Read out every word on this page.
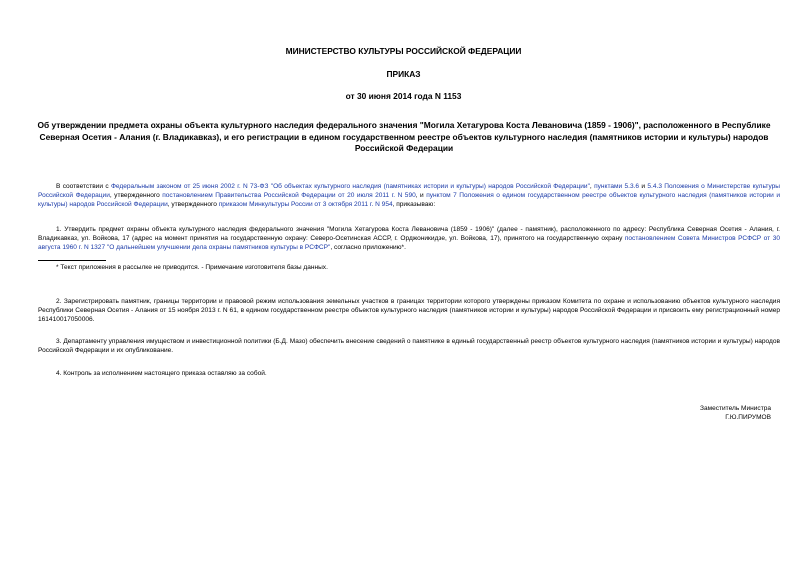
МИНИСТЕРСТВО КУЛЬТУРЫ РОССИЙСКОЙ ФЕДЕРАЦИИ
ПРИКАЗ
от 30 июня 2014 года N 1153
Об утверждении предмета охраны объекта культурного наследия федерального значения "Могила Хетагурова Коста Левановича (1859 - 1906)", расположенного в Республике Северная Осетия - Алания (г. Владикавказ), и его регистрации в едином государственном реестре объектов культурного наследия (памятников истории и культуры) народов Российской Федерации
В соответствии с Федеральным законом от 25 июня 2002 г. N 73-ФЗ "Об объектах культурного наследия (памятниках истории и культуры) народов Российской Федерации", пунктами 5.3.6 и 5.4.3 Положения о Министерстве культуры Российской Федерации, утвержденного постановлением Правительства Российской Федерации от 20 июля 2011 г. N 590, и пунктом 7 Положения о едином государственном реестре объектов культурного наследия (памятников истории и культуры) народов Российской Федерации, утвержденного приказом Минкультуры России от 3 октября 2011 г. N 954, приказываю:
1. Утвердить предмет охраны объекта культурного наследия федерального значения "Могила Хетагурова Коста Левановича (1859 - 1906)" (далее - памятник), расположенного по адресу: Республика Северная Осетия - Алания, г. Владикавказ, ул. Войкова, 17 (адрес на момент принятия на государственную охрану: Северо-Осетинская АССР, г. Орджоникидзе, ул. Войкова, 17), принятого на государственную охрану постановлением Совета Министров РСФСР от 30 августа 1960 г. N 1327 "О дальнейшем улучшении дела охраны памятников культуры в РСФСР", согласно приложению*.
* Текст приложения в рассылке не приводится. - Примечание изготовителя базы данных.
2. Зарегистрировать памятник, границы территории и правовой режим использования земельных участков в границах территории которого утверждены приказом Комитета по охране и использованию объектов культурного наследия Республики Северная Осетия - Алания от 15 ноября 2013 г. N 61, в едином государственном реестре объектов культурного наследия (памятников истории и культуры) народов Российской Федерации и присвоить ему регистрационный номер 161410017050006.
3. Департаменту управления имуществом и инвестиционной политики (Б.Д. Мазо) обеспечить внесение сведений о памятнике в единый государственный реестр объектов культурного наследия (памятников истории и культуры) народов Российской Федерации и их опубликование.
4. Контроль за исполнением настоящего приказа оставляю за собой.
Заместитель Министра
Г.Ю.ПИРУМОВ
